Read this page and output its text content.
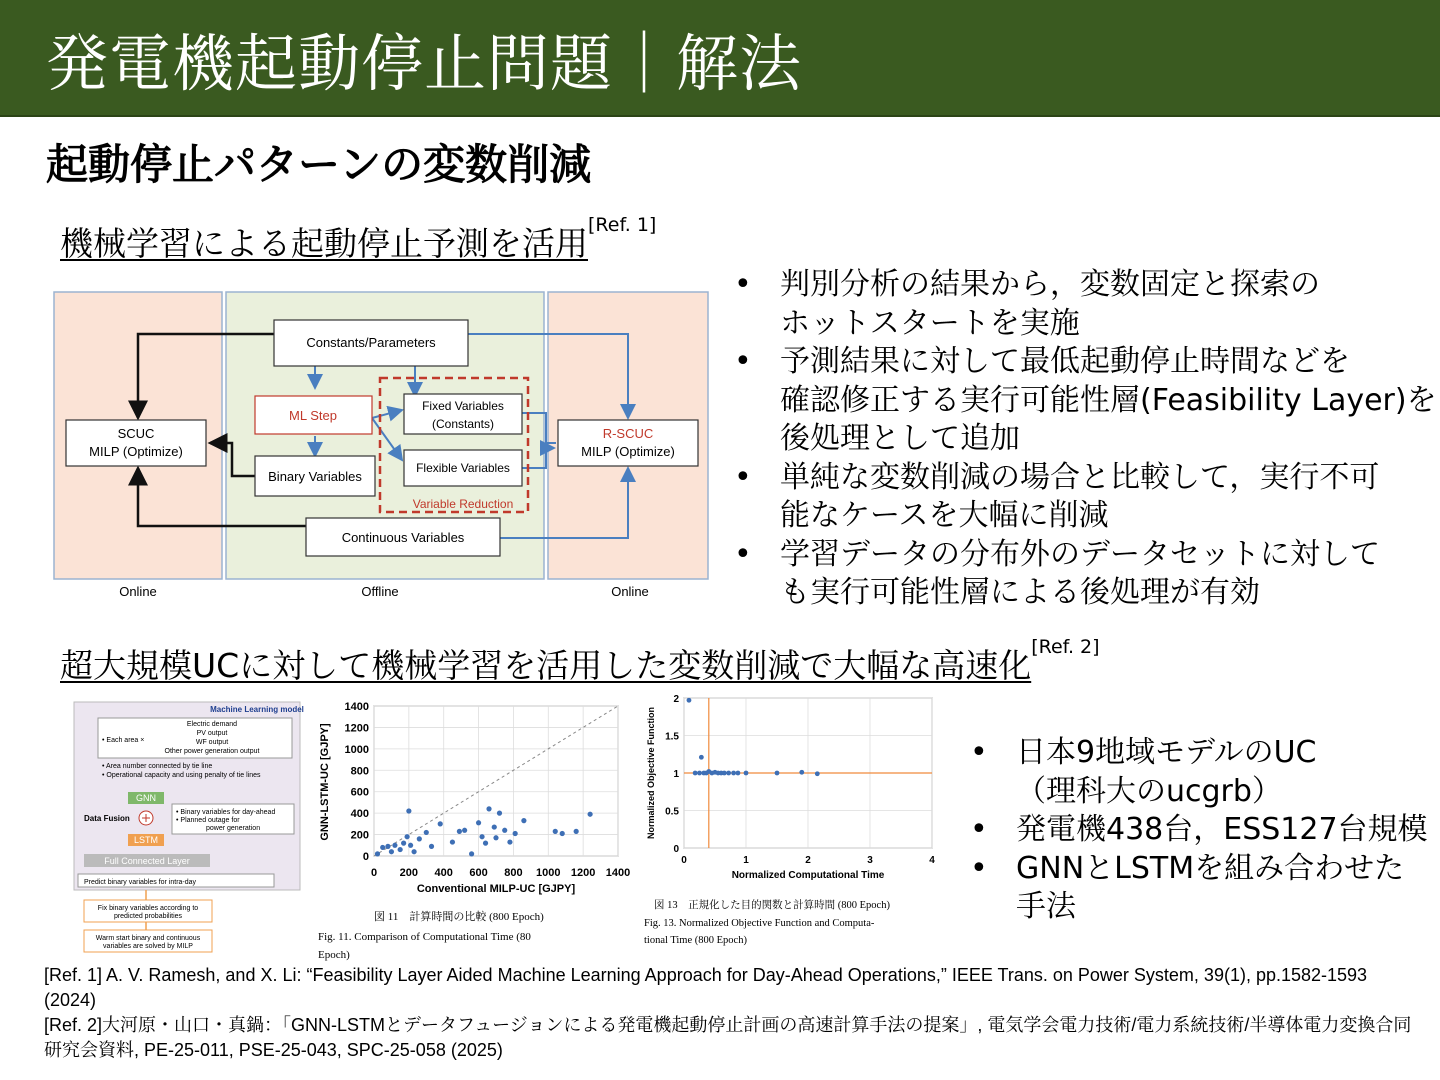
発電機起動停止問題｜解法
起動停止パターンの変数削減
機械学習による起動停止予測を活用[Ref. 1]
Constants/Parameters
SCUC
MILP (Optimize)
ML Step
Binary Variables
Variable Reduction
Fixed Variables
(Constants)
Flexible Variables
R-SCUC
MILP (Optimize)
Continuous Variables
Online	Offline	Online
• 判別分析の結果から，変数固定と探索の
ホットスタートを実施
• 予測結果に対して最低起動停止時間などを
確認修正する実行可能性層(Feasibility Layer)を
後処理として追加
• 単純な変数削減の場合と比較して，実行不可
能なケースを大幅に削減
• 学習データの分布外のデータセットに対して
も実行可能性層による後処理が有効
超大規模UCに対して機械学習を活用した変数削減で大幅な高速化[Ref. 2]
Machine Learning model
• Each area ×
Electric demand
PV output
WF output
Other power generation output
• Area number connected by tie line
• Operational capacity and using penalty of tie lines
GNN
Data Fusion
• Binary variables for day-ahead
• Planned outage for
power generation
LSTM
Full Connected Layer
Predict binary variables for intra-day
Fix binary variables according to
predicted probabilities
Warm start binary and continuous
variables are solved by MILP
0 200 400 600 800 1000 1200 1400
0
200
400
600
800
1000
1200
1400
Conventional MILP-UC [GJPY]
GNN-LSTM-UC [GJPY]
図 11　計算時間の比較 (800 Epoch)
Fig. 11. Comparison of Computational Time (80
Epoch)
0	1	2	3	4
0
0.5
1
1.5
2
Normalized Computational Time
Normalized Objective Function
図 13　正規化した目的関数と計算時間 (800 Epoch)
Fig. 13. Normalized Objective Function and Computa-
tional Time (800 Epoch)
• 日本9地域モデルのUC
（理科大のucgrb）
• 発電機438台，ESS127台規模
• GNNとLSTMを組み合わせた
手法
[Ref. 1] A. V. Ramesh, and X. Li: “Feasibility Layer Aided Machine Learning Approach for Day-Ahead Operations,” IEEE Trans. on Power System, 39(1), pp.1582-1593 (2024)
[Ref. 2]大河原・山口・真鍋：「GNN-LSTMとデータフュージョンによる発電機起動停止計画の高速計算手法の提案」, 電気学会電力技術/電力系統技術/半導体電力変換合同研究会資料, PE-25-011, PSE-25-043, SPC-25-058 (2025)
